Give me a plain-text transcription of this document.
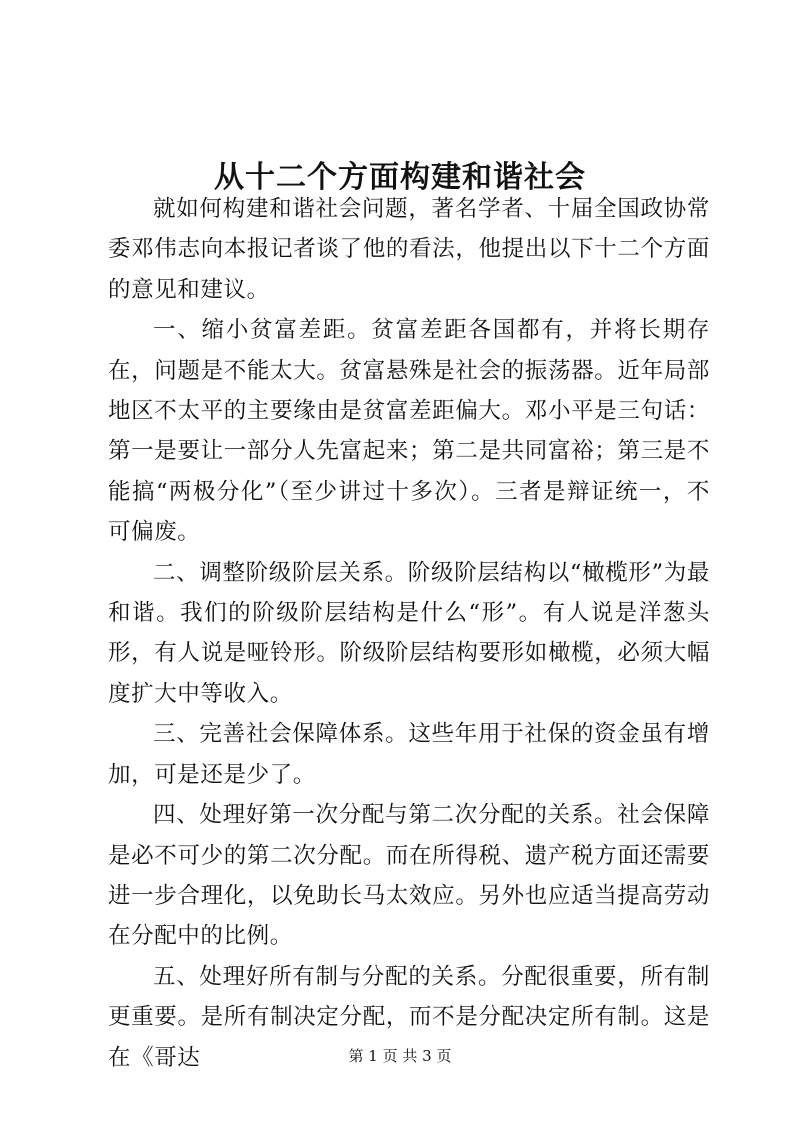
从十二个方面构建和谐社会

就如何构建和谐社会问题，著名学者、十届全国政协常委邓伟志向本报记者谈了他的看法，他提出以下十二个方面的意见和建议。

一、缩小贫富差距。贫富差距各国都有，并将长期存在，问题是不能太大。贫富悬殊是社会的振荡器。近年局部地区不太平的主要缘由是贫富差距偏大。邓小平是三句话：第一是要让一部分人先富起来；第二是共同富裕；第三是不能搞“两极分化”（至少讲过十多次）。三者是辩证统一，不可偏废。

二、调整阶级阶层关系。阶级阶层结构以“橄榄形”为最和谐。我们的阶级阶层结构是什么“形”。有人说是洋葱头形，有人说是哑铃形。阶级阶层结构要形如橄榄，必须大幅度扩大中等收入。

三、完善社会保障体系。这些年用于社保的资金虽有增加，可是还是少了。

四、处理好第一次分配与第二次分配的关系。社会保障是必不可少的第二次分配。而在所得税、遗产税方面还需要进一步合理化，以免助长马太效应。另外也应适当提高劳动在分配中的比例。

五、处理好所有制与分配的关系。分配很重要，所有制更重要。是所有制决定分配，而不是分配决定所有制。这是在《哥达	第 1 页 共 3 页
